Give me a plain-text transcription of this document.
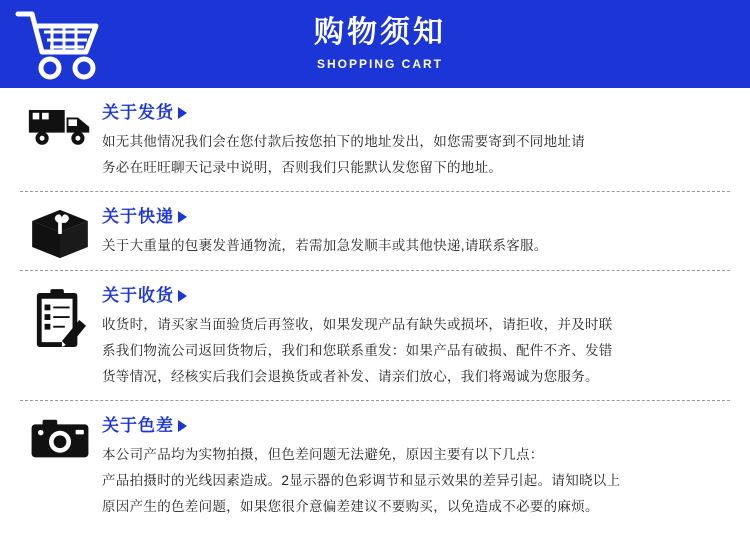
购物须知
SHOPPING CART
关于发货
如无其他情况我们会在您付款后按您拍下的地址发出，如您需要寄到不同地址请
务必在旺旺聊天记录中说明，否则我们只能默认发您留下的地址。
关于快递
关于大重量的包裹发普通物流，若需加急发顺丰或其他快递,请联系客服。
关于收货
收货时，请买家当面验货后再签收，如果发现产品有缺失或损坏，请拒收，并及时联
系我们物流公司返回货物后，我们和您联系重发：如果产品有破损、配件不齐、发错
货等情况，经核实后我们会退换货或者补发、请亲们放心，我们将竭诚为您服务。
关于色差
本公司产品均为实物拍摄，但色差问题无法避免，原因主要有以下几点：
产品拍摄时的光线因素造成。2显示器的色彩调节和显示效果的差异引起。请知晓以上
原因产生的色差问题，如果您很介意偏差建议不要购买，以免造成不必要的麻烦。
